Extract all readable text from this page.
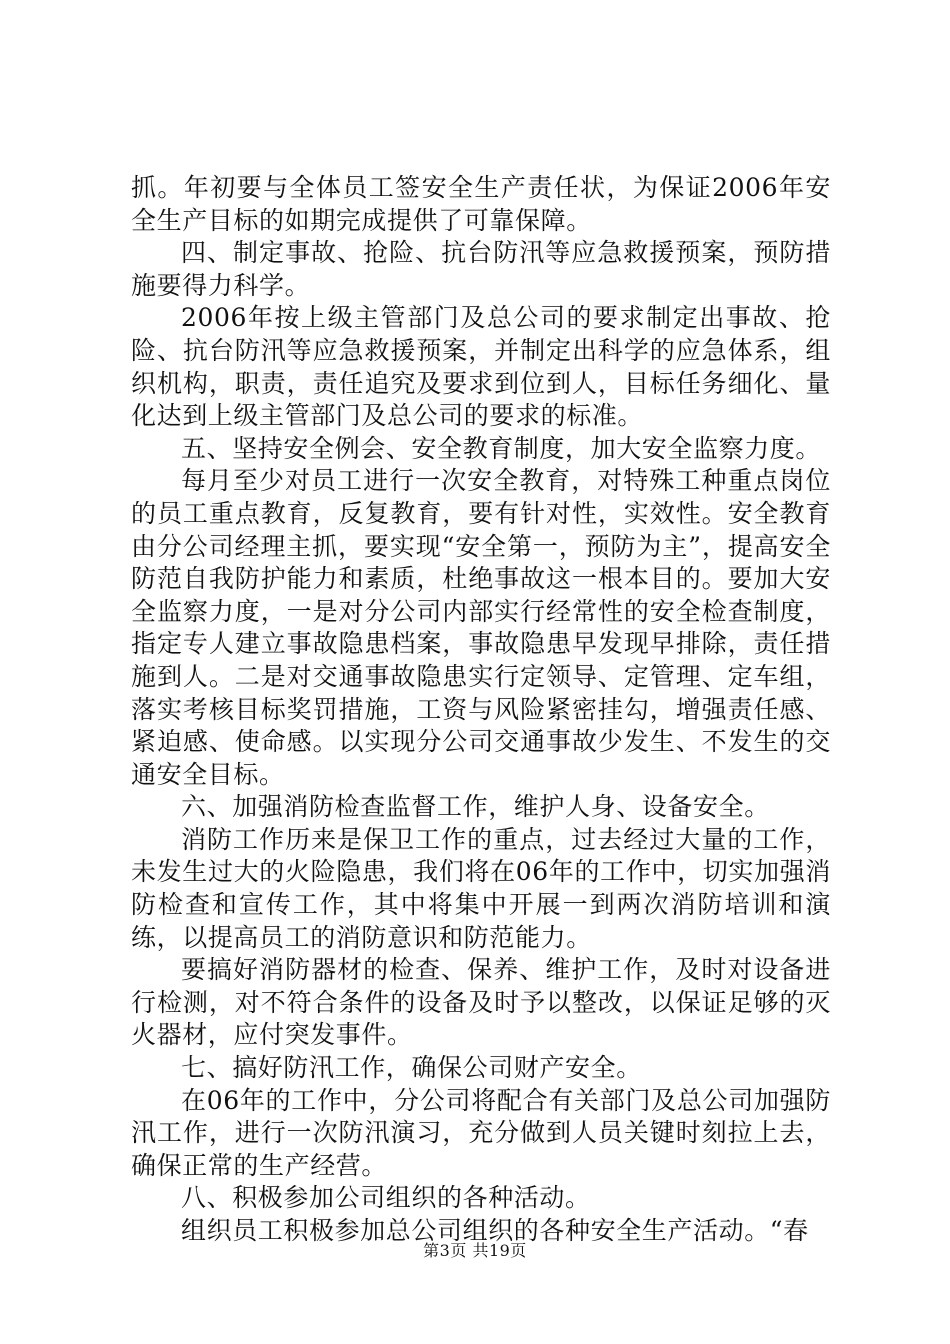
抓。年初要与全体员工签安全生产责任状，为保证2006年安全生产目标的如期完成提供了可靠保障。

四、制定事故、抢险、抗台防汛等应急救援预案，预防措施要得力科学。

2006年按上级主管部门及总公司的要求制定出事故、抢险、抗台防汛等应急救援预案，并制定出科学的应急体系，组织机构，职责，责任追究及要求到位到人，目标任务细化、量化达到上级主管部门及总公司的要求的标准。

五、坚持安全例会、安全教育制度，加大安全监察力度。

每月至少对员工进行一次安全教育，对特殊工种重点岗位的员工重点教育，反复教育，要有针对性，实效性。安全教育由分公司经理主抓，要实现“安全第一，预防为主”，提高安全防范自我防护能力和素质，杜绝事故这一根本目的。要加大安全监察力度，一是对分公司内部实行经常性的安全检查制度，指定专人建立事故隐患档案，事故隐患早发现早排除，责任措施到人。二是对交通事故隐患实行定领导、定管理、定车组，落实考核目标奖罚措施，工资与风险紧密挂勾，增强责任感、紧迫感、使命感。以实现分公司交通事故少发生、不发生的交通安全目标。

六、加强消防检查监督工作，维护人身、设备安全。

消防工作历来是保卫工作的重点，过去经过大量的工作，未发生过大的火险隐患，我们将在06年的工作中，切实加强消防检查和宣传工作，其中将集中开展一到两次消防培训和演练，以提高员工的消防意识和防范能力。

要搞好消防器材的检查、保养、维护工作，及时对设备进行检测，对不符合条件的设备及时予以整改，以保证足够的灭火器材，应付突发事件。

七、搞好防汛工作，确保公司财产安全。

在06年的工作中，分公司将配合有关部门及总公司加强防汛工作，进行一次防汛演习，充分做到人员关键时刻拉上去，确保正常的生产经营。

八、积极参加公司组织的各种活动。

组织员工积极参加总公司组织的各种安全生产活动。“春

第3页 共19页
